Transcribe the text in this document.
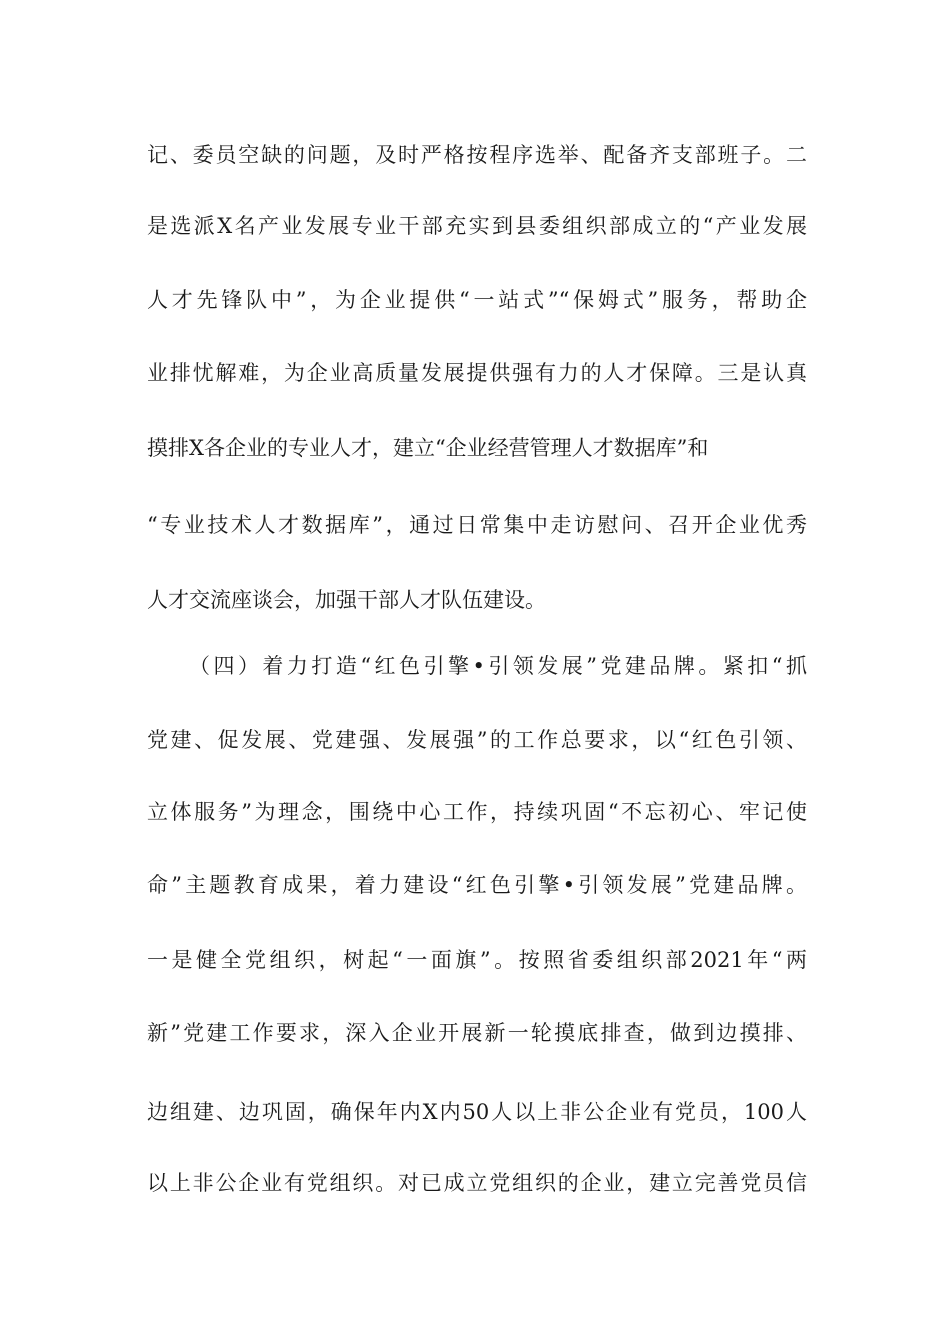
记、委员空缺的问题，及时严格按程序选举、配备齐支部班子。二
是选派X名产业发展专业干部充实到县委组织部成立的“产业发展
人才先锋队中”，为企业提供“一站式”“保姆式”服务，帮助企
业排忧解难，为企业高质量发展提供强有力的人才保障。三是认真
摸排X各企业的专业人才，建立“企业经营管理人才数据库”和
“专业技术人才数据库”，通过日常集中走访慰问、召开企业优秀
人才交流座谈会，加强干部人才队伍建设。
（四）着力打造“红色引擎•引领发展”党建品牌。紧扣“抓
党建、促发展、党建强、发展强”的工作总要求，以“红色引领、
立体服务”为理念，围绕中心工作，持续巩固“不忘初心、牢记使
命”主题教育成果，着力建设“红色引擎•引领发展”党建品牌。
一是健全党组织，树起“一面旗”。按照省委组织部2021年“两
新”党建工作要求，深入企业开展新一轮摸底排查，做到边摸排、
边组建、边巩固，确保年内X内50人以上非公企业有党员，100人
以上非公企业有党组织。对已成立党组织的企业，建立完善党员信
